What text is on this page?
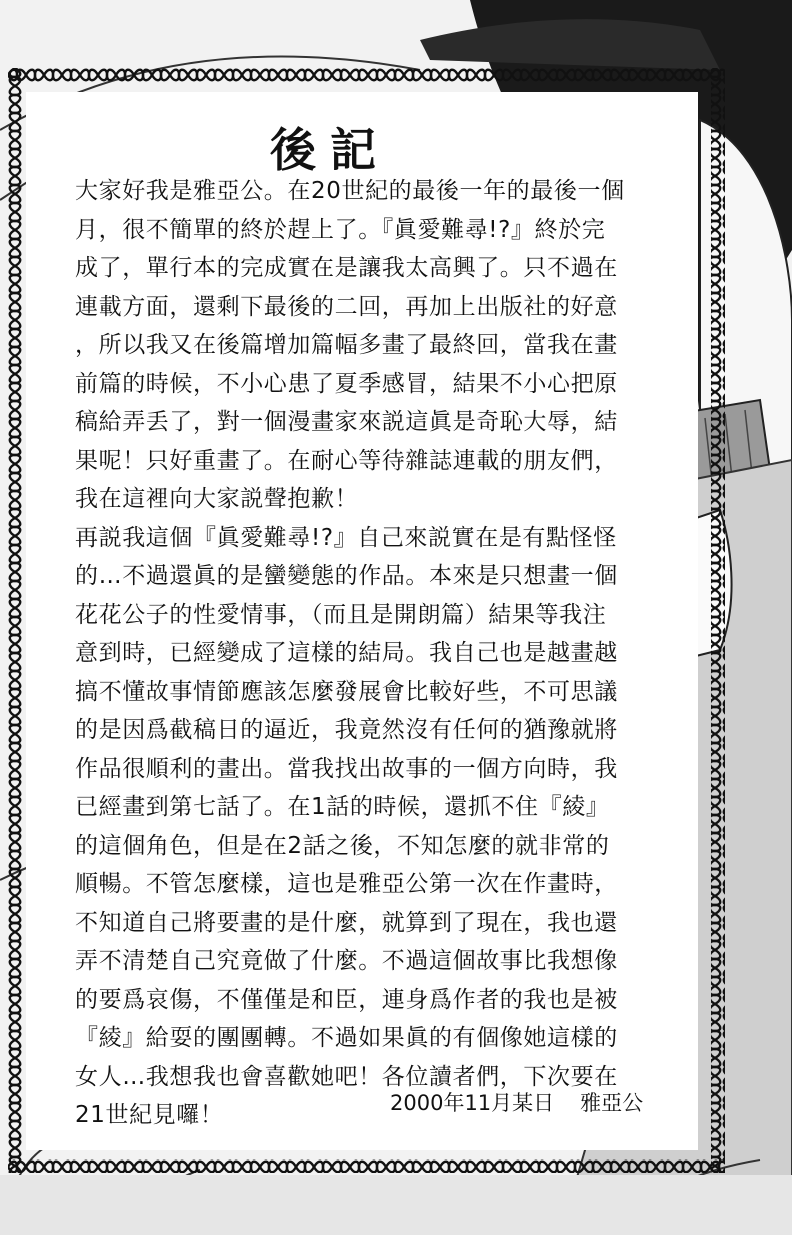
後記
大家好我是雅亞公。在20世紀的最後一年的最後一個
月，很不簡單的終於趕上了。『眞愛難尋!?』終於完
成了，單行本的完成實在是讓我太高興了。只不過在
連載方面，還剩下最後的二回，再加上出版社的好意
，所以我又在後篇增加篇幅多畫了最終回，當我在畫
前篇的時候，不小心患了夏季感冒，結果不小心把原
稿給弄丢了，對一個漫畫家來説這眞是奇恥大辱，結
果呢！只好重畫了。在耐心等待雜誌連載的朋友們，
我在這裡向大家説聲抱歉！
再説我這個『眞愛難尋!?』自己來説實在是有點怪怪
的…不過還眞的是蠻變態的作品。本來是只想畫一個
花花公子的性愛情事，（而且是開朗篇）結果等我注
意到時，已經變成了這樣的結局。我自己也是越畫越
搞不懂故事情節應該怎麼發展會比較好些，不可思議
的是因爲截稿日的逼近，我竟然沒有任何的猶豫就將
作品很順利的畫出。當我找出故事的一個方向時，我
已經畫到第七話了。在1話的時候，還抓不住『綾』
的這個角色，但是在2話之後，不知怎麼的就非常的
順暢。不管怎麼樣，這也是雅亞公第一次在作畫時，
不知道自己將要畫的是什麼，就算到了現在，我也還
弄不清楚自己究竟做了什麼。不過這個故事比我想像
的要爲哀傷，不僅僅是和臣，連身爲作者的我也是被
『綾』給耍的團團轉。不過如果眞的有個像她這樣的
女人…我想我也會喜歡她吧！各位讀者們，下次要在
21世紀見囉！	2000年11月某日 雅亞公
